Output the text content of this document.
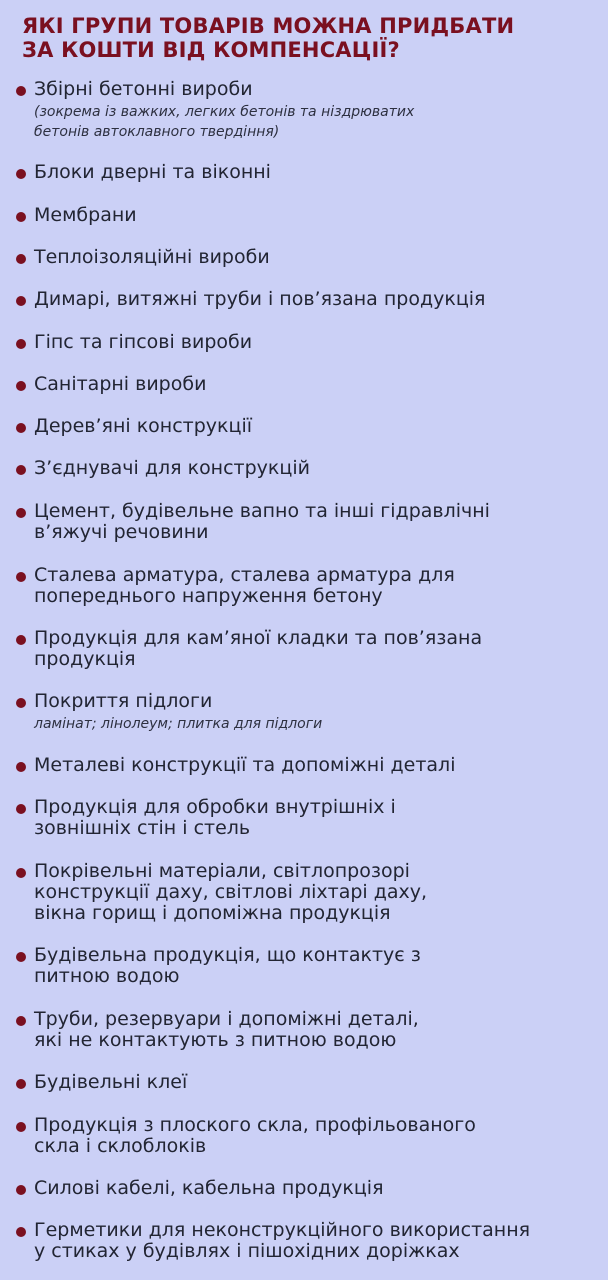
ЯКІ ГРУПИ ТОВАРІВ МОЖНА ПРИДБАТИ
ЗА КОШТИ ВІД КОМПЕНСАЦІЇ?
Збірні бетонні вироби
(зокрема із важких, легких бетонів та ніздрюватих
бетонів автоклавного твердіння)
Блоки дверні та віконні
Мембрани
Теплоізоляційні вироби
Димарі, витяжні труби і пов’язана продукція
Гіпс та гіпсові вироби
Санітарні вироби
Дерев’яні конструкції
З’єднувачі для конструкцій
Цемент, будівельне вапно та інші гідравлічні
в’яжучі речовини
Сталева арматура, сталева арматура для
попереднього напруження бетону
Продукція для кам’яної кладки та пов’язана
продукція
Покриття підлоги
ламінат; лінолеум; плитка для підлоги
Металеві конструкції та допоміжні деталі
Продукція для обробки внутрішніх і
зовнішніх стін і стель
Покрівельні матеріали, світлопрозорі
конструкції даху, світлові ліхтарі даху,
вікна горищ і допоміжна продукція
Будівельна продукція, що контактує з
питною водою
Труби, резервуари і допоміжні деталі,
які не контактують з питною водою
Будівельні клеї
Продукція з плоского скла, профільованого
скла і склоблоків
Силові кабелі, кабельна продукція
Герметики для неконструкційного використання
у стиках у будівлях і пішохідних доріжках
